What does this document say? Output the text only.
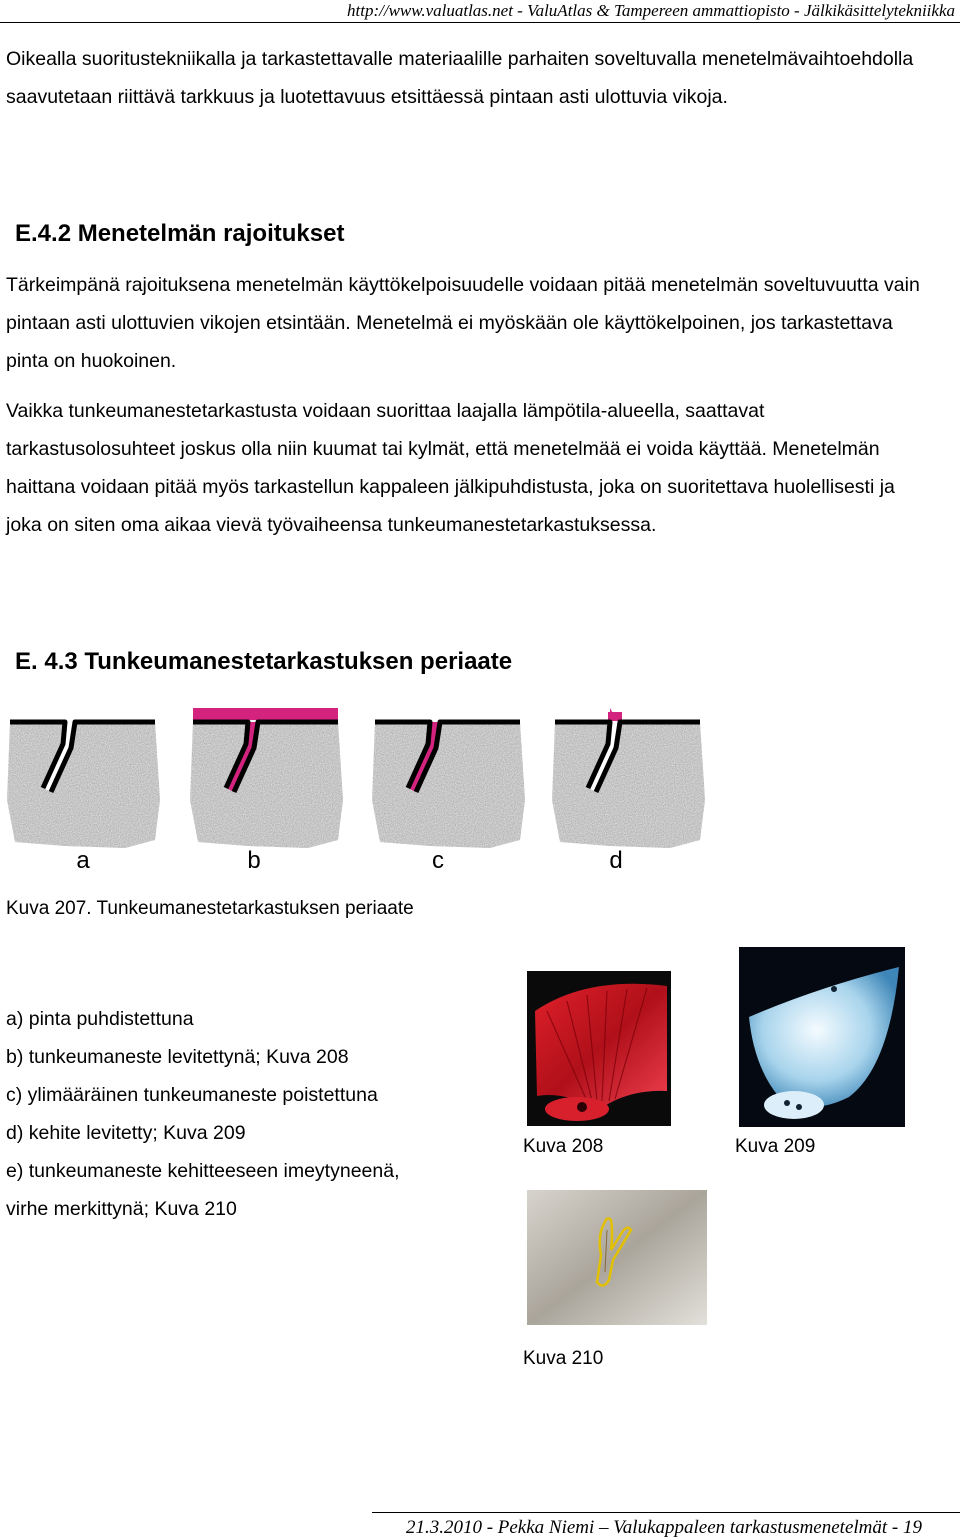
http://www.valuatlas.net - ValuAtlas & Tampereen ammattiopisto - Jälkikäsittelytekniikka

Oikealla suoritustekniikalla ja tarkastettavalle materiaalille parhaiten soveltuvalla menetelmävaihtoehdolla saavutetaan riittävä tarkkuus ja luotettavuus etsittäessä pintaan asti ulottuvia vikoja.

E.4.2 Menetelmän rajoitukset

Tärkeimpänä rajoituksena menetelmän käyttökelpoisuudelle voidaan pitää menetelmän soveltuvuutta vain pintaan asti ulottuvien vikojen etsintään. Menetelmä ei myöskään ole käyttökelpoinen, jos tarkastettava pinta on huokoinen.

Vaikka tunkeumanestetarkastusta voidaan suorittaa laajalla lämpötila-alueella, saattavat tarkastusolosuhteet joskus olla niin kuumat tai kylmät, että menetelmää ei voida käyttää. Menetelmän haittana voidaan pitää myös tarkastellun kappaleen jälkipuhdistusta, joka on suoritettava huolellisesti ja joka on siten oma aikaa vievä työvaiheensa tunkeumanestetarkastuksessa.

E. 4.3 Tunkeumanestetarkastuksen periaate
a	b	c	d
Kuva 207. Tunkeumanestetarkastuksen periaate
a) pinta puhdistettuna
b) tunkeumaneste levitettynä; Kuva 208
c) ylimääräinen tunkeumaneste poistettuna
d) kehite levitetty; Kuva 209
e) tunkeumaneste kehitteeseen imeytyneenä,
virhe merkittynä; Kuva 210
Kuva 208	Kuva 209
Kuva 210
21.3.2010 - Pekka Niemi – Valukappaleen tarkastusmenetelmät - 19
